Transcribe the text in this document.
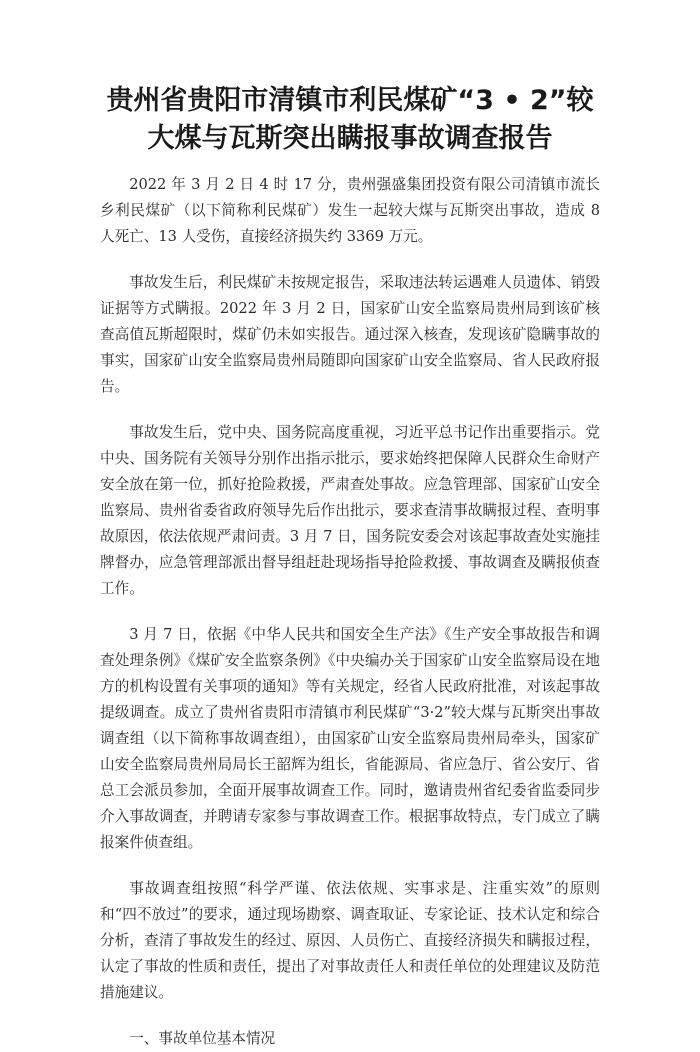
贵州省贵阳市清镇市利民煤矿“3 • 2”较大煤与瓦斯突出瞒报事故调查报告

2022 年 3 月 2 日 4 时 17 分，贵州强盛集团投资有限公司清镇市流长乡利民煤矿（以下简称利民煤矿）发生一起较大煤与瓦斯突出事故，造成 8 人死亡、13 人受伤，直接经济损失约 3369 万元。

事故发生后，利民煤矿未按规定报告，采取违法转运遇难人员遗体、销毁证据等方式瞒报。2022 年 3 月 2 日，国家矿山安全监察局贵州局到该矿核查高值瓦斯超限时，煤矿仍未如实报告。通过深入核查，发现该矿隐瞒事故的事实，国家矿山安全监察局贵州局随即向国家矿山安全监察局、省人民政府报告。

事故发生后，党中央、国务院高度重视，习近平总书记作出重要指示。党中央、国务院有关领导分别作出指示批示，要求始终把保障人民群众生命财产安全放在第一位，抓好抢险救援，严肃查处事故。应急管理部、国家矿山安全监察局、贵州省委省政府领导先后作出批示，要求查清事故瞒报过程、查明事故原因，依法依规严肃问责。3 月 7 日，国务院安委会对该起事故查处实施挂牌督办，应急管理部派出督导组赶赴现场指导抢险救援、事故调查及瞒报侦查工作。

3 月 7 日，依据《中华人民共和国安全生产法》《生产安全事故报告和调查处理条例》《煤矿安全监察条例》《中央编办关于国家矿山安全监察局设在地方的机构设置有关事项的通知》等有关规定，经省人民政府批准，对该起事故提级调查。成立了贵州省贵阳市清镇市利民煤矿“3·2”较大煤与瓦斯突出事故调查组（以下简称事故调查组），由国家矿山安全监察局贵州局牵头，国家矿山安全监察局贵州局局长王韶辉为组长，省能源局、省应急厅、省公安厅、省总工会派员参加，全面开展事故调查工作。同时，邀请贵州省纪委省监委同步介入事故调查，并聘请专家参与事故调查工作。根据事故特点，专门成立了瞒报案件侦查组。

事故调查组按照“科学严谨、依法依规、实事求是、注重实效”的原则和“四不放过”的要求，通过现场勘察、调查取证、专家论证、技术认定和综合分析，查清了事故发生的经过、原因、人员伤亡、直接经济损失和瞒报过程，认定了事故的性质和责任，提出了对事故责任人和责任单位的处理建议及防范措施建议。

一、事故单位基本情况
